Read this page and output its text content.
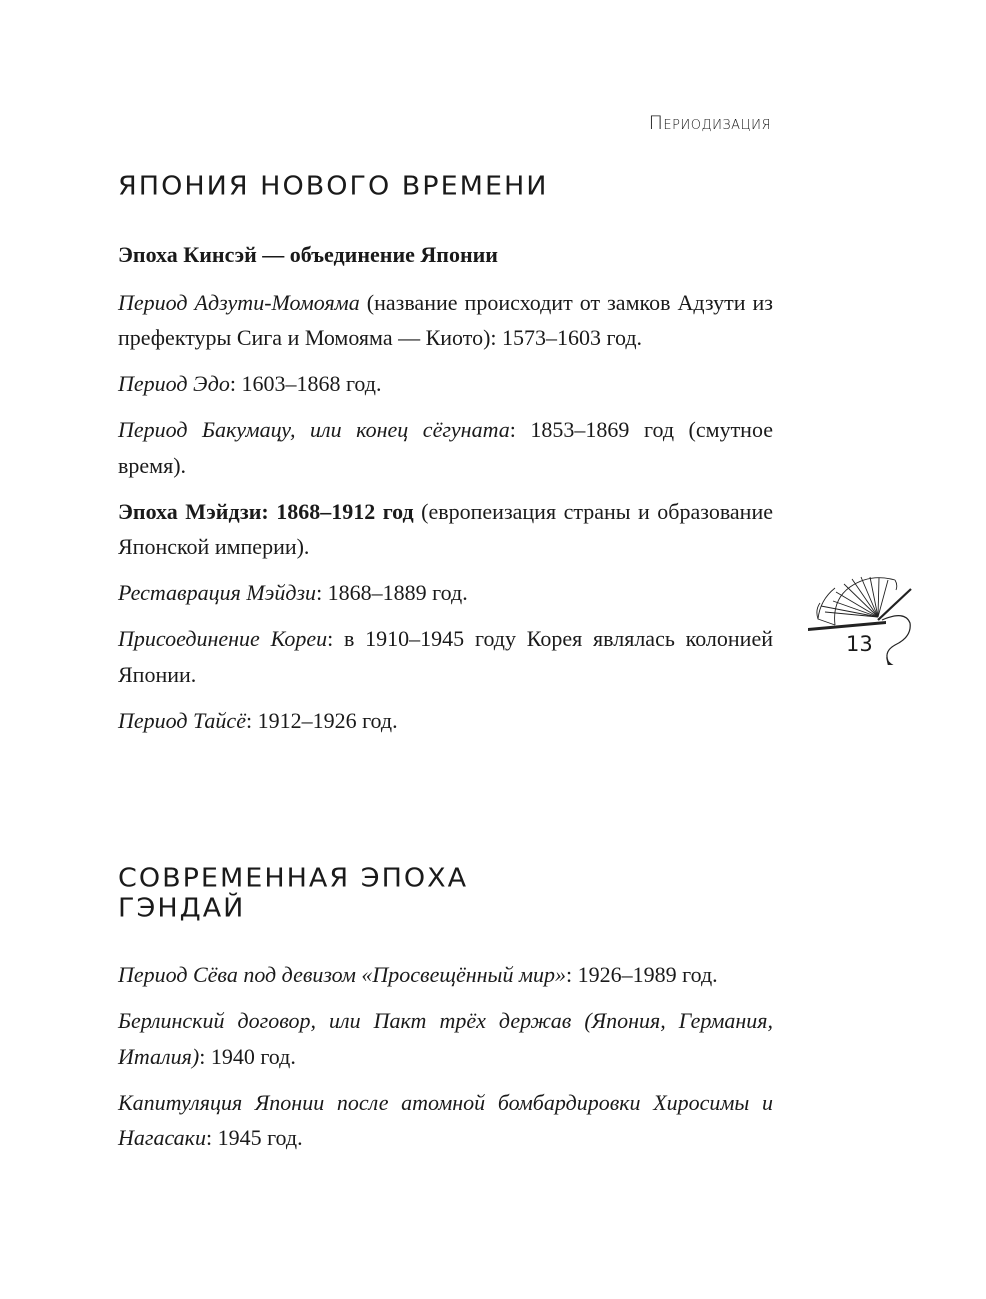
Периодизация
ЯПОНИЯ НОВОГО ВРЕМЕНИ

Эпоха Кинсэй — объединение Японии

Период Адзути-Момояма (название происходит от замков Адзути из префектуры Сига и Момояма — Киото): 1573–1603 год.

Период Эдо: 1603–1868 год.

Период Бакумацу, или конец сёгуната: 1853–1869 год (смутное время).

Эпоха Мэйдзи: 1868–1912 год (европеизация страны и образование Японской империи).

Реставрация Мэйдзи: 1868–1889 год.

Присоединение Кореи: в 1910–1945 году Корея являлась колонией Японии.

Период Тайсё: 1912–1926 год.

СОВРЕМЕННАЯ ЭПОХА
ГЭНДАЙ

Период Сёва под девизом «Просвещённый мир»: 1926–1989 год.

Берлинский договор, или Пакт трёх держав (Япония, Германия, Италия): 1940 год.

Капитуляция Японии после атомной бомбардировки Хиросимы и Нагасаки: 1945 год.

13
